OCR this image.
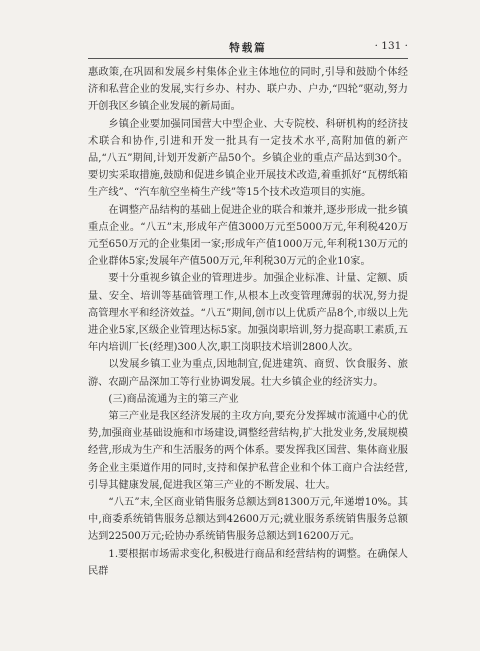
特载篇	· 131 ·

惠政策,在巩固和发展乡村集体企业主体地位的同时,引导和鼓励个体经济和私营企业的发展,实行乡办、村办、联户办、户办,“四轮”驱动,努力开创我区乡镇企业发展的新局面。

乡镇企业要加强同国营大中型企业、大专院校、科研机构的经济技术联合和协作,引进和开发一批具有一定技术水平,高附加值的新产品,“八五”期间,计划开发新产品50个。乡镇企业的重点产品达到30个。要切实采取措施,鼓励和促进乡镇企业开展技术改造,着重抓好“瓦楞纸箱生产线”、“汽车航空坐椅生产线”等15个技术改造项目的实施。

在调整产品结构的基础上促进企业的联合和兼并,逐步形成一批乡镇重点企业。“八五”末,形成年产值3000万元至5000万元,年利税420万元至650万元的企业集团一家;形成年产值1000万元,年利税130万元的企业群体5家;发展年产值500万元,年利税30万元的企业10家。

要十分重视乡镇企业的管理进步。加强企业标准、计量、定额、质量、安全、培训等基础管理工作,从根本上改变管理薄弱的状况,努力提高管理水平和经济效益。“八五”期间,创市以上优质产品8个,市级以上先进企业5家,区级企业管理达标5家。加强岗职培训,努力提高职工素质,五年内培训厂长(经理)300人次,职工岗职技术培训2800人次。

以发展乡镇工业为重点,因地制宜,促进建筑、商贸、饮食服务、旅游、农副产品深加工等行业协调发展。壮大乡镇企业的经济实力。

(三)商品流通为主的第三产业

第三产业是我区经济发展的主攻方向,要充分发挥城市流通中心的优势,加强商业基础设施和市场建设,调整经营结构,扩大批发业务,发展规模经营,形成为生产和生活服务的两个体系。要发挥我区国营、集体商业服务企业主渠道作用的同时,支持和保护私营企业和个体工商户合法经营,引导其健康发展,促进我区第三产业的不断发展、壮大。

“八五”末,全区商业销售服务总额达到81300万元,年递增10%。其中,商委系统销售服务总额达到42600万元;就业服务系统销售服务总额达到22500万元;砼协办系统销售服务总额达到16200万元。

1.要根据市场需求变化,积极进行商品和经营结构的调整。在确保人民群
